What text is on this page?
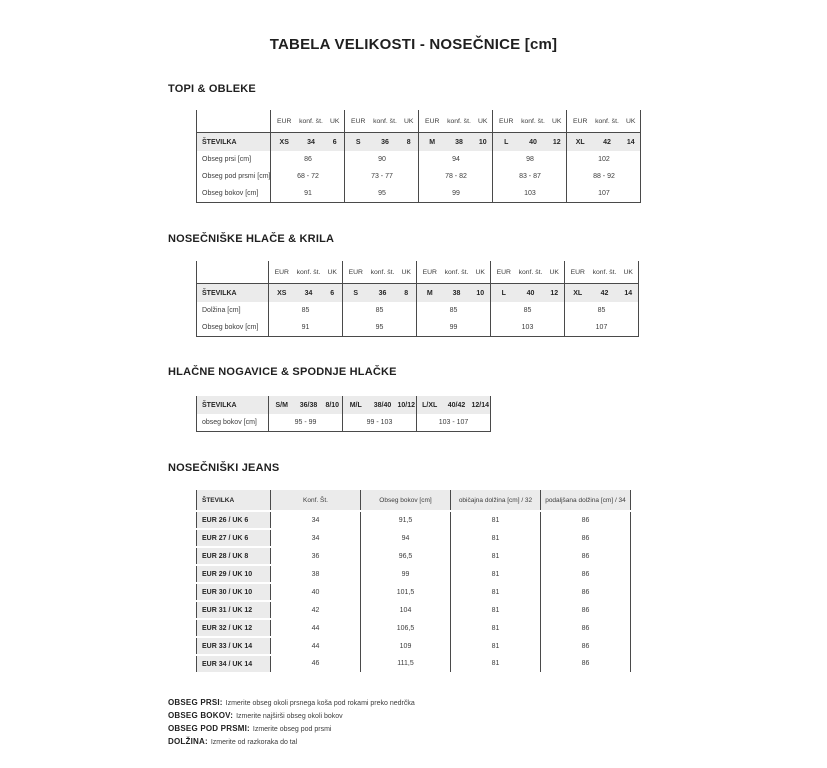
TABELA VELIKOSTI - NOSEČNICE [cm]
TOPI & OBLEKE
	EUR	konf. št.	UK	EUR	konf. št.	UK	EUR	konf. št.	UK	EUR	konf. št.	UK	EUR	konf. št.	UK
ŠTEVILKA	XS	34	6	S	36	8	M	38	10	L	40	12	XL	42	14
Obseg prsi [cm]	86			90			94			98			102		
Obseg pod prsmi [cm]	68 - 72			73 - 77			78 - 82			83 - 87			88 - 92		
Obseg bokov [cm]	91			95			99			103			107		
NOSEČNIŠKE HLAČE & KRILA
	EUR	konf. št.	UK	EUR	konf. št.	UK	EUR	konf. št.	UK	EUR	konf. št.	UK	EUR	konf. št.	UK
ŠTEVILKA	XS	34	6	S	36	8	M	38	10	L	40	12	XL	42	14
Dolžina [cm]	85			85			85			85			85		
Obseg bokov [cm]	91			95			99			103			107		
HLAČNE NOGAVICE & SPODNJE HLAČKE
ŠTEVILKA	S/M	36/38	8/10	M/L	38/40	10/12	L/XL	40/42	12/14
obseg bokov [cm]	95 - 99			99 - 103			103 - 107		
NOSEČNIŠKI JEANS
ŠTEVILKA	Konf. Št.	Obseg bokov [cm]	običajna dolžina [cm] / 32	podaljšana dolžina [cm] / 34
EUR 26 / UK 6	34	91,5	81	86
EUR 27 / UK 6	34	94	81	86
EUR 28 / UK 8	36	96,5	81	86
EUR 29 / UK 10	38	99	81	86
EUR 30 / UK 10	40	101,5	81	86
EUR 31 / UK 12	42	104	81	86
EUR 32 / UK 12	44	106,5	81	86
EUR 33 / UK 14	44	109	81	86
EUR 34 / UK 14	46	111,5	81	86
OBSEG PRSI: Izmerite obseg okoli prsnega koša pod rokami preko nedrčka
OBSEG BOKOV: Izmerite najširši obseg okoli bokov
OBSEG POD PRSMI: Izmerite obseg pod prsmi
DOLŽINA: Izmerite od razkoraka do tal
